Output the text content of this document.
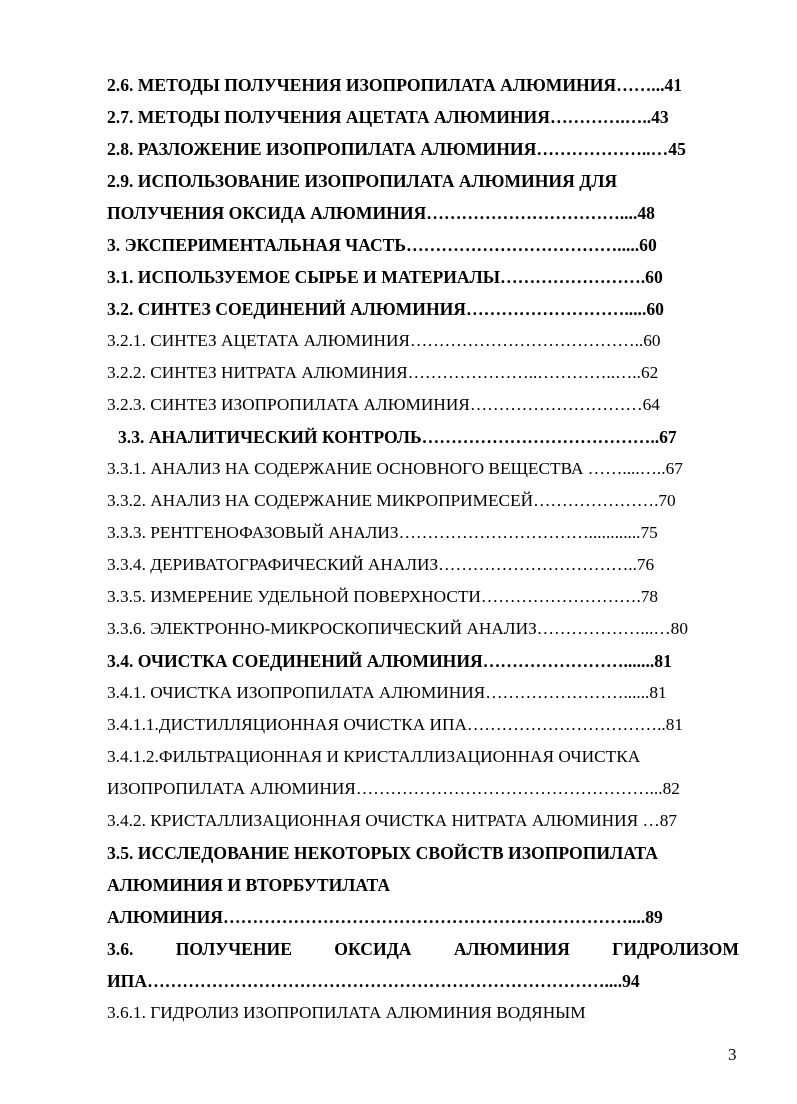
2.6. МЕТОДЫ ПОЛУЧЕНИЯ ИЗОПРОПИЛАТА АЛЮМИНИЯ……...41
2.7. МЕТОДЫ ПОЛУЧЕНИЯ АЦЕТАТА АЛЮМИНИЯ………….…..43
2.8. РАЗЛОЖЕНИЕ ИЗОПРОПИЛАТА АЛЮМИНИЯ………………..…45
2.9. ИСПОЛЬЗОВАНИЕ ИЗОПРОПИЛАТА АЛЮМИНИЯ ДЛЯ
ПОЛУЧЕНИЯ ОКСИДА АЛЮМИНИЯ……………………………....48
3. ЭКСПЕРИМЕНТАЛЬНАЯ ЧАСТЬ……………………………….....60
3.1. ИСПОЛЬЗУЕМОЕ СЫРЬЕ И МАТЕРИАЛЫ…………………….60
3.2. СИНТЕЗ СОЕДИНЕНИЙ АЛЮМИНИЯ……………………….....60
3.2.1. СИНТЕЗ АЦЕТАТА АЛЮМИНИЯ…………………………………..60
3.2.2. СИНТЕЗ НИТРАТА АЛЮМИНИЯ…………………..…………..…..62
3.2.3. СИНТЕЗ ИЗОПРОПИЛАТА АЛЮМИНИЯ…………………………64
3.3. АНАЛИТИЧЕСКИЙ КОНТРОЛЬ…………………………………..67
3.3.1. АНАЛИЗ НА СОДЕРЖАНИЕ ОСНОВНОГО ВЕЩЕСТВА ……....…..67
3.3.2. АНАЛИЗ НА СОДЕРЖАНИЕ МИКРОПРИМЕСЕЙ………………….70
3.3.3. РЕНТГЕНОФАЗОВЫЙ АНАЛИЗ……………………………............75
3.3.4. ДЕРИВАТОГРАФИЧЕСКИЙ АНАЛИЗ……………………………..76
3.3.5. ИЗМЕРЕНИЕ УДЕЛЬНОЙ ПОВЕРХНОСТИ……………………….78
3.3.6. ЭЛЕКТРОННО-МИКРОСКОПИЧЕСКИЙ АНАЛИЗ………………...…80
3.4. ОЧИСТКА СОЕДИНЕНИЙ АЛЮМИНИЯ…………………….......81
3.4.1. ОЧИСТКА ИЗОПРОПИЛАТА АЛЮМИНИЯ……………………......81
3.4.1.1.ДИСТИЛЛЯЦИОННАЯ ОЧИСТКА ИПА……………………………..81
3.4.1.2.ФИЛЬТРАЦИОННАЯ И КРИСТАЛЛИЗАЦИОННАЯ ОЧИСТКА
ИЗОПРОПИЛАТА АЛЮМИНИЯ……………………………………………...82
3.4.2. КРИСТАЛЛИЗАЦИОННАЯ ОЧИСТКА НИТРАТА АЛЮМИНИЯ …87
3.5. ИССЛЕДОВАНИЕ НЕКОТОРЫХ СВОЙСТВ ИЗОПРОПИЛАТА
АЛЮМИНИЯ И ВТОРБУТИЛАТА
АЛЮМИНИЯ……………………………………………………………....89
3.6. ПОЛУЧЕНИЕ ОКСИДА АЛЮМИНИЯ ГИДРОЛИЗОМ
ИПА……………………………………………………………………....94
3.6.1. ГИДРОЛИЗ ИЗОПРОПИЛАТА АЛЮМИНИЯ ВОДЯНЫМ
3
